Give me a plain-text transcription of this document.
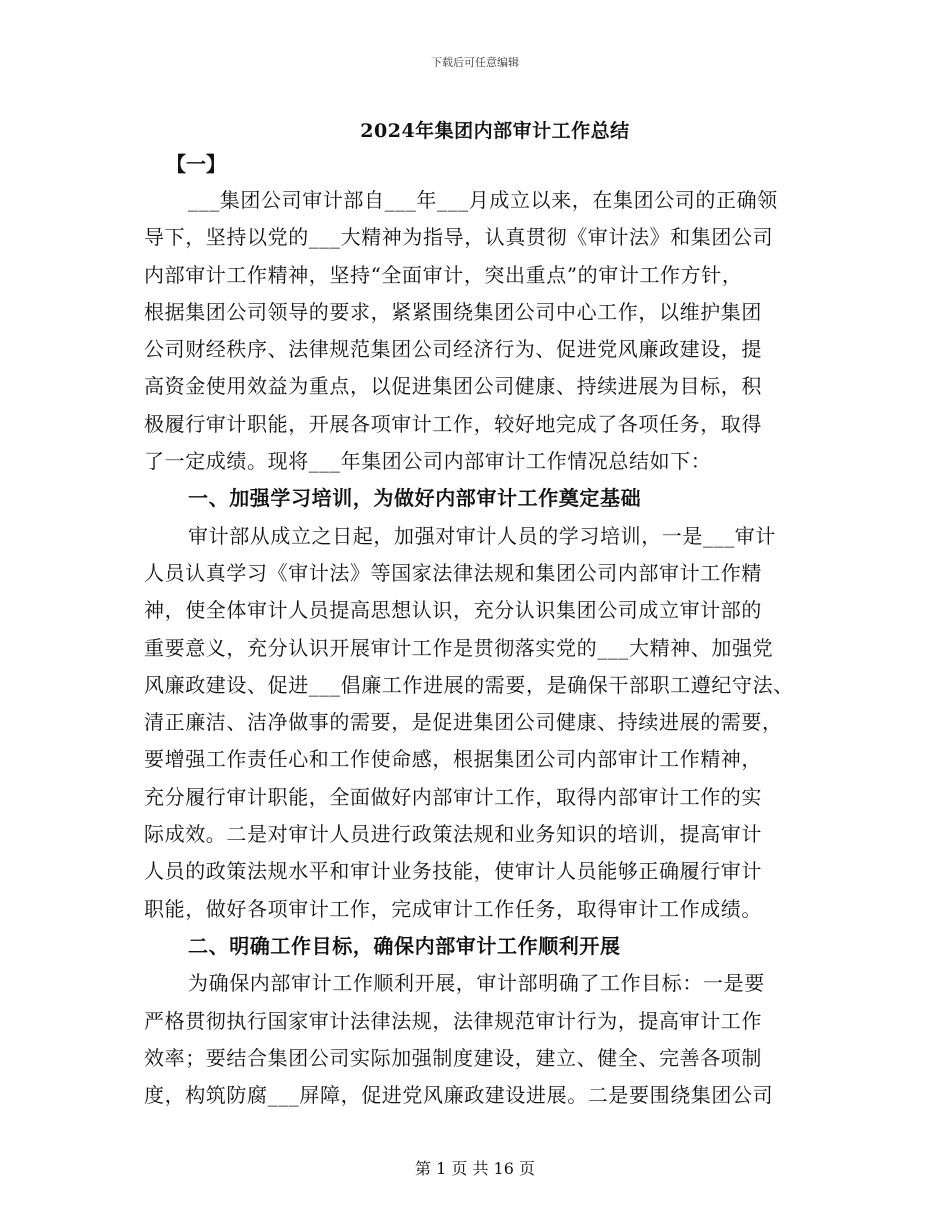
下载后可任意编辑
2024年集团内部审计工作总结
【一】
___集团公司审计部自___年___月成立以来，在集团公司的正确领
导下，坚持以党的___大精神为指导，认真贯彻《审计法》和集团公司
内部审计工作精神，坚持“全面审计，突出重点”的审计工作方针，
根据集团公司领导的要求，紧紧围绕集团公司中心工作，以维护集团
公司财经秩序、法律规范集团公司经济行为、促进党风廉政建设，提
高资金使用效益为重点，以促进集团公司健康、持续进展为目标，积
极履行审计职能，开展各项审计工作，较好地完成了各项任务，取得
了一定成绩。现将___年集团公司内部审计工作情况总结如下：
一、加强学习培训，为做好内部审计工作奠定基础
审计部从成立之日起，加强对审计人员的学习培训，一是___审计
人员认真学习《审计法》等国家法律法规和集团公司内部审计工作精
神，使全体审计人员提高思想认识，充分认识集团公司成立审计部的
重要意义，充分认识开展审计工作是贯彻落实党的___大精神、加强党
风廉政建设、促进___倡廉工作进展的需要，是确保干部职工遵纪守法、
清正廉洁、洁净做事的需要，是促进集团公司健康、持续进展的需要，
要增强工作责任心和工作使命感，根据集团公司内部审计工作精神，
充分履行审计职能，全面做好内部审计工作，取得内部审计工作的实
际成效。二是对审计人员进行政策法规和业务知识的培训，提高审计
人员的政策法规水平和审计业务技能，使审计人员能够正确履行审计
职能，做好各项审计工作，完成审计工作任务，取得审计工作成绩。
二、明确工作目标，确保内部审计工作顺利开展
为确保内部审计工作顺利开展，审计部明确了工作目标：一是要
严格贯彻执行国家审计法律法规，法律规范审计行为，提高审计工作
效率；要结合集团公司实际加强制度建设，建立、健全、完善各项制
度，构筑防腐___屏障，促进党风廉政建设进展。二是要围绕集团公司
第 1 页 共 16 页
